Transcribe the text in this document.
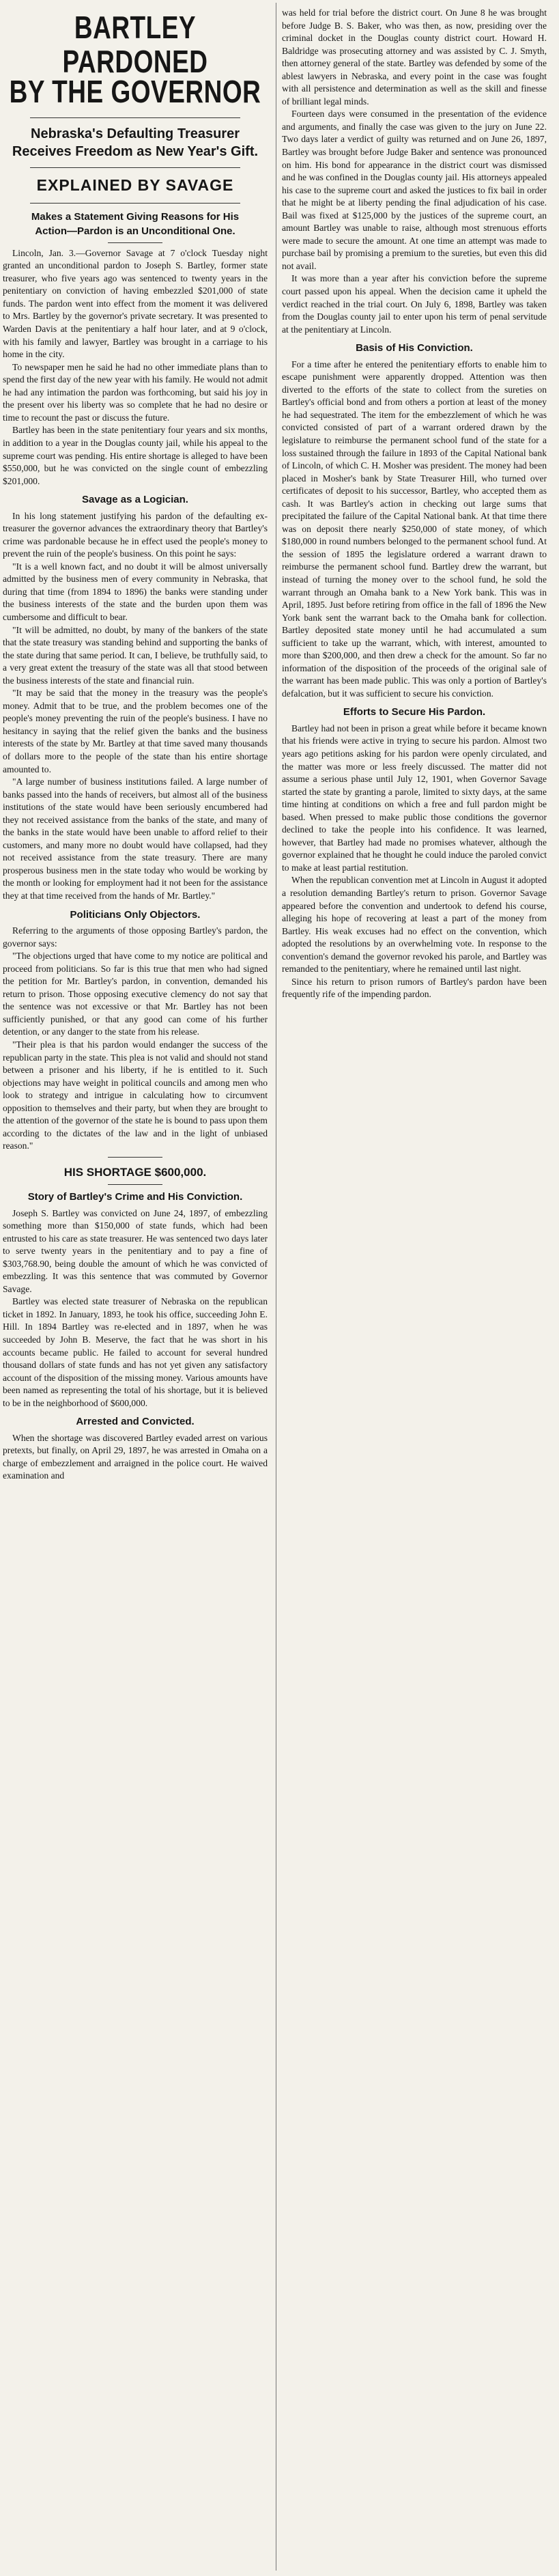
BARTLEY PARDONED
BY THE GOVERNOR
Nebraska's Defaulting Treasurer Receives Freedom as New Year's Gift.
EXPLAINED BY SAVAGE
Makes a Statement Giving Reasons for His Action—Pardon is an Unconditional One.

Lincoln, Jan. 3.—Governor Savage at 7 o'clock Tuesday night granted an unconditional pardon to Joseph S. Bartley, former state treasurer, who five years ago was sentenced to twenty years in the penitentiary on conviction of having embezzled $201,000 of state funds. The pardon went into effect from the moment it was delivered to Mrs. Bartley by the governor's private secretary. It was presented to Warden Davis at the penitentiary a half hour later, and at 9 o'clock, with his family and lawyer, Bartley was brought in a carriage to his home in the city.

To newspaper men he said he had no other immediate plans than to spend the first day of the new year with his family. He would not admit he had any intimation the pardon was forthcoming, but said his joy in the present over his liberty was so complete that he had no desire or time to recount the past or discuss the future.

Bartley has been in the state penitentiary four years and six months, in addition to a year in the Douglas county jail, while his appeal to the supreme court was pending. His entire shortage is alleged to have been $550,000, but he was convicted on the single count of embezzling $201,000.

Savage as a Logician.

In his long statement justifying his pardon of the defaulting ex-treasurer the governor advances the extraordinary theory that Bartley's crime was pardonable because he in effect used the people's money to prevent the ruin of the people's business. On this point he says:

"It is a well known fact, and no doubt it will be almost universally admitted by the business men of every community in Nebraska, that during that time (from 1894 to 1896) the banks were standing under the business interests of the state and the burden upon them was cumbersome and difficult to bear.

"It will be admitted, no doubt, by many of the bankers of the state that the state treasury was standing behind and supporting the banks of the state during that same period. It can, I believe, be truthfully said, to a very great extent the treasury of the state was all that stood between the business interests of the state and financial ruin.

"It may be said that the money in the treasury was the people's money. Admit that to be true, and the problem becomes one of the people's money preventing the ruin of the people's business. I have no hesitancy in saying that the relief given the banks and the business interests of the state by Mr. Bartley at that time saved many thousands of dollars more to the people of the state than his entire shortage amounted to.

"A large number of business institutions failed. A large number of banks passed into the hands of receivers, but almost all of the business institutions of the state would have been seriously encumbered had they not received assistance from the banks of the state, and many of the banks in the state would have been unable to afford relief to their customers, and many more no doubt would have collapsed, had they not received assistance from the state treasury. There are many prosperous business men in the state today who would be working by the month or looking for employment had it not been for the assistance they at that time received from the hands of Mr. Bartley."

Politicians Only Objectors.

Referring to the arguments of those opposing Bartley's pardon, the governor says:

"The objections urged that have come to my notice are political and proceed from politicians. So far is this true that men who had signed the petition for Mr. Bartley's pardon, in convention, demanded his return to prison. Those opposing executive clemency do not say that the sentence was not excessive or that Mr. Bartley has not been sufficiently punished, or that any good can come of his further detention, or any danger to the state from his release.

"Their plea is that his pardon would endanger the success of the republican party in the state. This plea is not valid and should not stand between a prisoner and his liberty, if he is entitled to it. Such objections may have weight in political councils and among men who look to strategy and intrigue in calculating how to circumvent opposition to themselves and their party, but when they are brought to the attention of the governor of the state he is bound to pass upon them according to the dictates of the law and in the light of unbiased reason."

HIS SHORTAGE $600,000.
Story of Bartley's Crime and His Conviction.

Joseph S. Bartley was convicted on June 24, 1897, of embezzling something more than $150,000 of state funds, which had been entrusted to his care as state treasurer. He was sentenced two days later to serve twenty years in the penitentiary and to pay a fine of $303,768.90, being double the amount of which he was convicted of embezzling. It was this sentence that was commuted by Governor Savage.

Bartley was elected state treasurer of Nebraska on the republican ticket in 1892. In January, 1893, he took his office, succeeding John E. Hill. In 1894 Bartley was re-elected and in 1897, when he was succeeded by John B. Meserve, the fact that he was short in his accounts became public. He failed to account for several hundred thousand dollars of state funds and has not yet given any satisfactory account of the disposition of the missing money. Various amounts have been named as representing the total of his shortage, but it is believed to be in the neighborhood of $600,000.

Arrested and Convicted.

When the shortage was discovered Bartley evaded arrest on various pretexts, but finally, on April 29, 1897, he was arrested in Omaha on a charge of embezzlement and arraigned in the police court. He waived examination and

was held for trial before the district court. On June 8 he was brought before Judge B. S. Baker, who was then, as now, presiding over the criminal docket in the Douglas county district court. Howard H. Baldridge was prosecuting attorney and was assisted by C. J. Smyth, then attorney general of the state. Bartley was defended by some of the ablest lawyers in Nebraska, and every point in the case was fought with all persistence and determination as well as the skill and finesse of brilliant legal minds.

Fourteen days were consumed in the presentation of the evidence and arguments, and finally the case was given to the jury on June 22. Two days later a verdict of guilty was returned and on June 26, 1897, Bartley was brought before Judge Baker and sentence was pronounced on him. His bond for appearance in the district court was dismissed and he was confined in the Douglas county jail. His attorneys appealed his case to the supreme court and asked the justices to fix bail in order that he might be at liberty pending the final adjudication of his case. Bail was fixed at $125,000 by the justices of the supreme court, an amount Bartley was unable to raise, although most strenuous efforts were made to secure the amount. At one time an attempt was made to purchase bail by promising a premium to the sureties, but even this did not avail.

It was more than a year after his conviction before the supreme court passed upon his appeal. When the decision came it upheld the verdict reached in the trial court. On July 6, 1898, Bartley was taken from the Douglas county jail to enter upon his term of penal servitude at the penitentiary at Lincoln.

Basis of His Conviction.

For a time after he entered the penitentiary efforts to enable him to escape punishment were apparently dropped. Attention was then diverted to the efforts of the state to collect from the sureties on Bartley's official bond and from others a portion at least of the money he had sequestrated. The item for the embezzlement of which he was convicted consisted of part of a warrant ordered drawn by the legislature to reimburse the permanent school fund of the state for a loss sustained through the failure in 1893 of the Capital National bank of Lincoln, of which C. H. Mosher was president. The money had been placed in Mosher's bank by State Treasurer Hill, who turned over certificates of deposit to his successor, Bartley, who accepted them as cash. It was Bartley's action in checking out large sums that precipitated the failure of the Capital National bank. At that time there was on deposit there nearly $250,000 of state money, of which $180,000 in round numbers belonged to the permanent school fund. At the session of 1895 the legislature ordered a warrant drawn to reimburse the permanent school fund. Bartley drew the warrant, but instead of turning the money over to the school fund, he sold the warrant through an Omaha bank to a New York bank. This was in April, 1895. Just before retiring from office in the fall of 1896 the New York bank sent the warrant back to the Omaha bank for collection. Bartley deposited state money until he had accumulated a sum sufficient to take up the warrant, which, with interest, amounted to more than $200,000, and then drew a check for the amount. So far no information of the disposition of the proceeds of the original sale of the warrant has been made public. This was only a portion of Bartley's defalcation, but it was sufficient to secure his conviction.

Efforts to Secure His Pardon.

Bartley had not been in prison a great while before it became known that his friends were active in trying to secure his pardon. Almost two years ago petitions asking for his pardon were openly circulated, and the matter was more or less freely discussed. The matter did not assume a serious phase until July 12, 1901, when Governor Savage started the state by granting a parole, limited to sixty days, at the same time hinting at conditions on which a free and full pardon might be based. When pressed to make public those conditions the governor declined to take the people into his confidence. It was learned, however, that Bartley had made no promises whatever, although the governor explained that he thought he could induce the paroled convict to make at least partial restitution.

When the republican convention met at Lincoln in August it adopted a resolution demanding Bartley's return to prison. Governor Savage appeared before the convention and undertook to defend his course, alleging his hope of recovering at least a part of the money from Bartley. His weak excuses had no effect on the convention, which adopted the resolutions by an overwhelming vote. In response to the convention's demand the governor revoked his parole, and Bartley was remanded to the penitentiary, where he remained until last night.

Since his return to prison rumors of Bartley's pardon have been frequently rife of the impending pardon.
